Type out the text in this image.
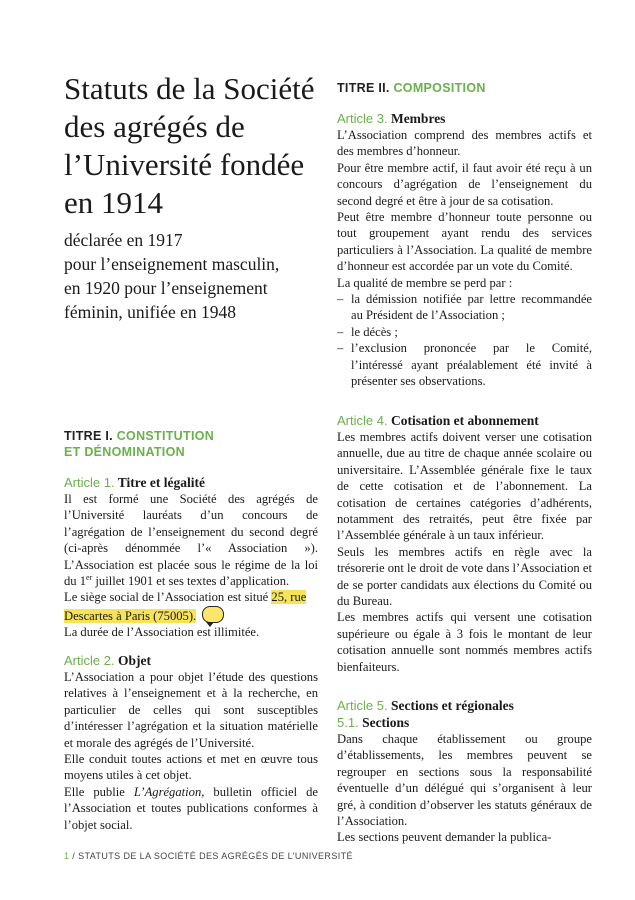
Statuts de la Société des agrégés de l’Université fondée en 1914
déclarée en 1917
pour l’enseignement masculin,
en 1920 pour l’enseignement
féminin, unifiée en 1948
TITRE I. CONSTITUTION
ET DÉNOMINATION
Article 1. Titre et légalité

Il est formé une Société des agrégés de l’Université lauréats d’un concours de l’agrégation de l’enseignement du second degré (ci-après dénommée l’« Association »). L’Association est placée sous le régime de la loi du 1er juillet 1901 et ses textes d’application.

Le siège social de l’Association est situé 25, rue Descartes à Paris (75005).

La durée de l’Association est illimitée.

Article 2. Objet

L’Association a pour objet l’étude des questions relatives à l’enseignement et à la recherche, en particulier de celles qui sont susceptibles d’intéresser l’agrégation et la situation matérielle et morale des agrégés de l’Université.

Elle conduit toutes actions et met en œuvre tous moyens utiles à cet objet.

Elle publie L’Agrégation, bulletin officiel de l’Association et toutes publications conformes à l’objet social.

TITRE II. COMPOSITION
Article 3. Membres

L’Association comprend des membres actifs et des membres d’honneur.

Pour être membre actif, il faut avoir été reçu à un concours d’agrégation de l’enseignement du second degré et être à jour de sa cotisation.

Peut être membre d’honneur toute personne ou tout groupement ayant rendu des services particuliers à l’Association. La qualité de membre d’honneur est accordée par un vote du Comité.

La qualité de membre se perd par :

– la démission notifiée par lettre recommandée au Président de l’Association ;
– le décès ;
– l’exclusion prononcée par le Comité, l’intéressé ayant préalablement été invité à présenter ses observations.
Article 4. Cotisation et abonnement

Les membres actifs doivent verser une cotisation annuelle, due au titre de chaque année scolaire ou universitaire. L’Assemblée générale fixe le taux de cette cotisation et de l’abonnement. La cotisation de certaines catégories d’adhérents, notamment des retraités, peut être fixée par l’Assemblée générale à un taux inférieur.

Seuls les membres actifs en règle avec la trésorerie ont le droit de vote dans l’Association et de se porter candidats aux élections du Comité ou du Bureau.

Les membres actifs qui versent une cotisation supérieure ou égale à 3 fois le montant de leur cotisation annuelle sont nommés membres actifs bienfaiteurs.

Article 5. Sections et régionales
5.1. Sections

Dans chaque établissement ou groupe d’établissements, les membres peuvent se regrouper en sections sous la responsabilité éventuelle d’un délégué qui s’organisent à leur gré, à condition d’observer les statuts généraux de l’Association.

Les sections peuvent demander la publica-

1 / STATUTS DE LA SOCIÉTÉ DES AGRÉGÉS DE L’UNIVERSITÉ
